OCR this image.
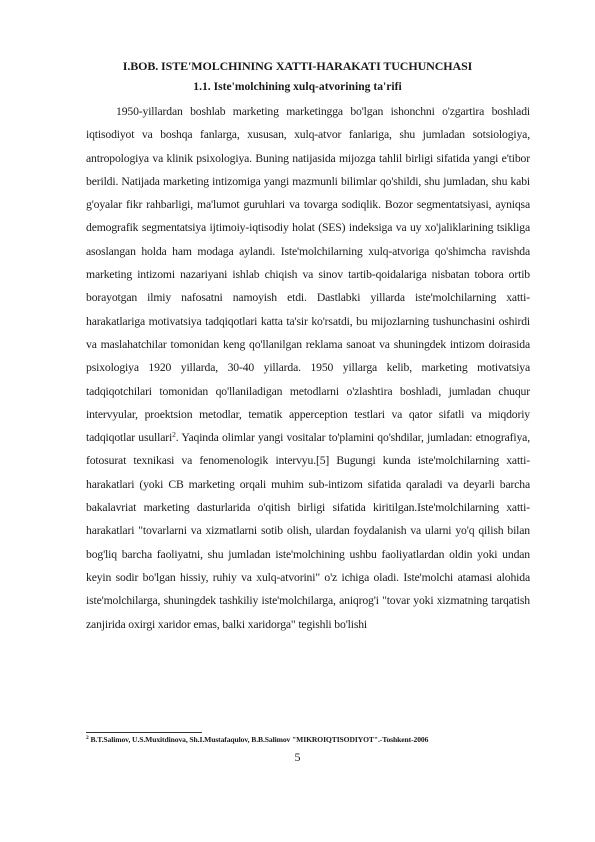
I.BOB. ISTE'MOLCHINING XATTI-HARAKATI TUCHUNCHASI
1.1. Iste'molchining xulq-atvorining ta'rifi
1950-yillardan boshlab marketing marketingga bo'lgan ishonchni o'zgartira boshladi iqtisodiyot va boshqa fanlarga, xususan, xulq-atvor fanlariga, shu jumladan sotsiologiya, antropologiya va klinik psixologiya. Buning natijasida mijozga tahlil birligi sifatida yangi e'tibor berildi. Natijada marketing intizomiga yangi mazmunli bilimlar qo'shildi, shu jumladan, shu kabi g'oyalar fikr rahbarligi, ma'lumot guruhlari va tovarga sodiqlik. Bozor segmentatsiyasi, ayniqsa demografik segmentatsiya ijtimoiy-iqtisodiy holat (SES) indeksiga va uy xo'jaliklarining tsikliga asoslangan holda ham modaga aylandi. Iste'molchilarning xulq-atvoriga qo'shimcha ravishda marketing intizomi nazariyani ishlab chiqish va sinov tartib-qoidalariga nisbatan tobora ortib borayotgan ilmiy nafosatni namoyish etdi. Dastlabki yillarda iste'molchilarning xatti-harakatlariga motivatsiya tadqiqotlari katta ta'sir ko'rsatdi, bu mijozlarning tushunchasini oshirdi va maslahatchilar tomonidan keng qo'llanilgan reklama sanoat va shuningdek intizom doirasida psixologiya 1920 yillarda, 30-40 yillarda. 1950 yillarga kelib, marketing motivatsiya tadqiqotchilari tomonidan qo'llaniladigan metodlarni o'zlashtira boshladi, jumladan chuqur intervyular, proektsion metodlar, tematik apperception testlari va qator sifatli va miqdoriy tadqiqotlar usullari$^2$. Yaqinda olimlar yangi vositalar to'plamini qo'shdilar, jumladan: etnografiya, fotosurat texnikasi va fenomenologik intervyu.[5] Bugungi kunda iste'molchilarning xatti-harakatlari (yoki CB marketing orqali muhim sub-intizom sifatida qaraladi va deyarli barcha bakalavriat marketing dasturlarida o'qitish birligi sifatida kiritilgan.Iste'molchilarning xatti-harakatlari "tovarlarni va xizmatlarni sotib olish, ulardan foydalanish va ularni yo'q qilish bilan bog'liq barcha faoliyatni, shu jumladan iste'molchining ushbu faoliyatlardan oldin yoki undan keyin sodir bo'lgan hissiy, ruhiy va xulq-atvorini" o'z ichiga oladi. Iste'molchi atamasi alohida iste'molchilarga, shuningdek tashkiliy iste'molchilarga, aniqrog'i "tovar yoki xizmatning tarqatish zanjirida oxirgi xaridor emas, balki xaridorga" tegishli bo'lishi
$^2$ B.T.Salimov, U.S.Muxitdinova, Sh.I.Mustafaqulov, B.B.Salimov "MIKROIQTISODIYOT".-Toshkent-2006
5
